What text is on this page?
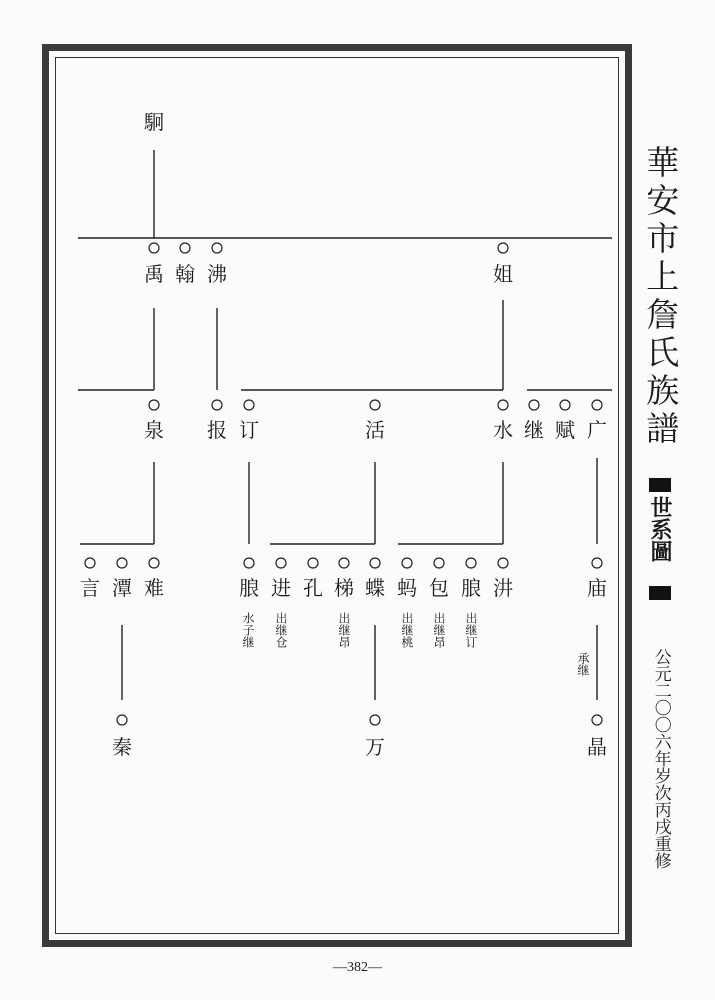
駉
禹 翰 沸	姐
泉 报 订	活	水 继 赋 广
言 潭 难	朖 进 孔 梯 蝶 蚂 包 朖 汫	庙
水子继 出继仓	出继昂	出继桃 出继昂 出继订
承继
秦	万	晶
華安市上詹氏族譜
世系圖
公元二〇〇六年岁次丙戌重修
—382—
